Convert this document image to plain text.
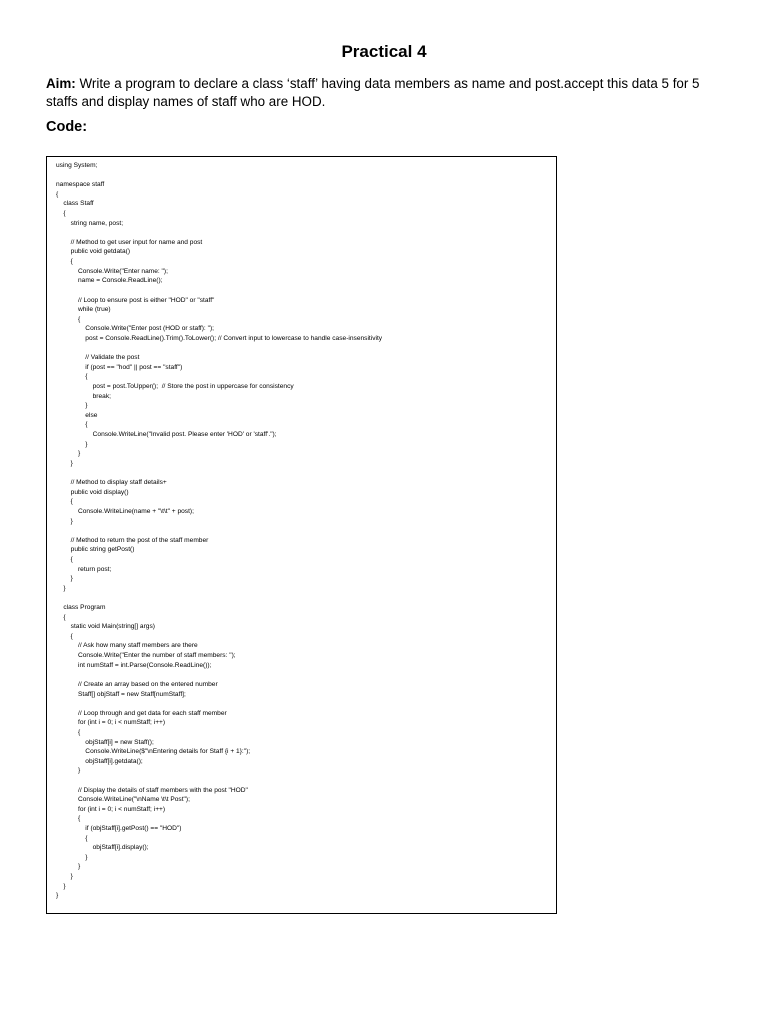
Practical 4
Aim: Write a program to declare a class ‘staff’ having data members as name and post.accept this data 5 for 5 staffs and display names of staff who are HOD.
Code:
using System;
namespace staff
{
class Staff
{
string name, post;
// Method to get user input for name and post
public void getdata()
{
Console.Write("Enter name: ");
name = Console.ReadLine();
// Loop to ensure post is either "HOD" or "staff"
while (true)
{
Console.Write("Enter post (HOD or staff): ");
post = Console.ReadLine().Trim().ToLower(); // Convert input to lowercase to handle case-insensitivity
// Validate the post
if (post == "hod" || post == "staff")
{
post = post.ToUpper();  // Store the post in uppercase for consistency
break;
}
else
{
Console.WriteLine("Invalid post. Please enter 'HOD' or 'staff'.");
}
}
}
// Method to display staff details+
public void display()
{
Console.WriteLine(name + "\t\t" + post);
}
// Method to return the post of the staff member
public string getPost()
{
return post;
}
}
class Program
{
static void Main(string[] args)
{
// Ask how many staff members are there
Console.Write("Enter the number of staff members: ");
int numStaff = int.Parse(Console.ReadLine());
// Create an array based on the entered number
Staff[] objStaff = new Staff[numStaff];
// Loop through and get data for each staff member
for (int i = 0; i < numStaff; i++)
{
objStaff[i] = new Staff();
Console.WriteLine($"\nEntering details for Staff {i + 1}:");
objStaff[i].getdata();
}
// Display the details of staff members with the post "HOD"
Console.WriteLine("\nName \t\t Post");
for (int i = 0; i < numStaff; i++)
{
if (objStaff[i].getPost() == "HOD")
{
objStaff[i].display();
}
}
}
}
}
